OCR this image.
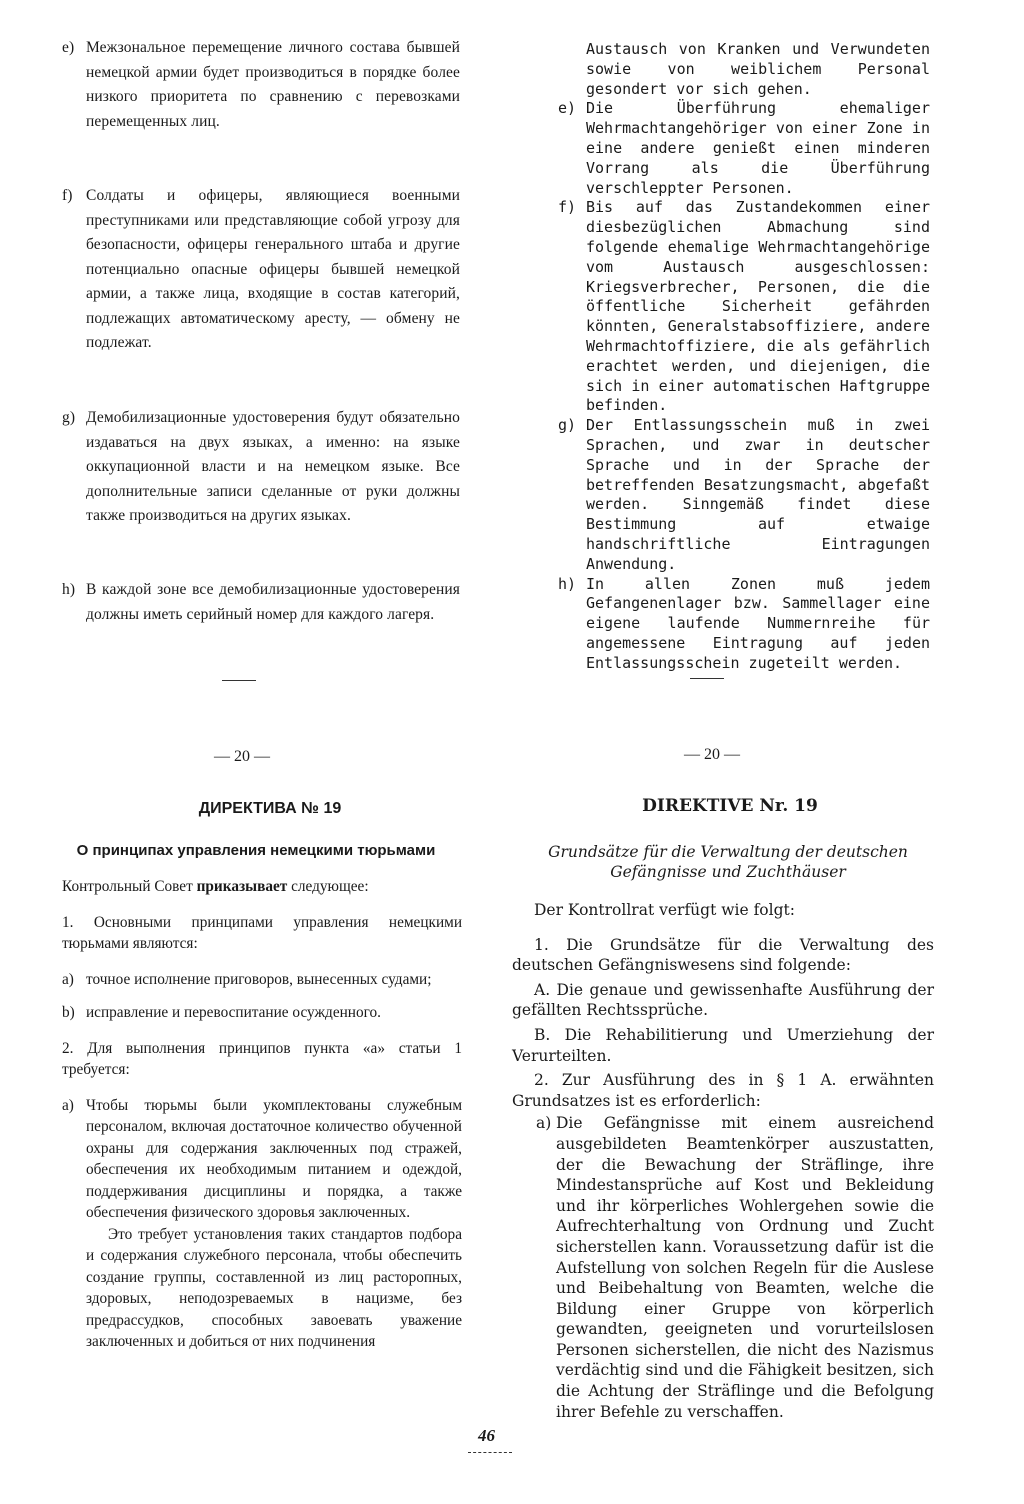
e) Межзональное перемещение личного состава бывшей немецкой армии будет производиться в порядке более низкого приоритета по сравнению с перевозками перемещенных лиц.
f) Солдаты и офицеры, являющиеся военными преступниками или представляющие собой угрозу для безопасности, офицеры генерального штаба и другие потенциально опасные офицеры бывшей немецкой армии, а также лица, входящие в состав категорий, подлежащих автоматическому аресту, — обмену не подлежат.
g) Демобилизационные удостоверения будут обязательно издаваться на двух языках, а именно: на языке оккупационной власти и на немецком языке. Все дополнительные записи сделанные от руки должны также производиться на других языках.
h) В каждой зоне все демобилизационные удостоверения должны иметь серийный номер для каждого лагеря.

Austausch von Kranken und Verwundeten sowie von weiblichem Personal gesondert vor sich gehen.

e) Die Überführung ehemaliger Wehrmachtangehöriger von einer Zone in eine andere genießt einen minderen Vorrang als die Überführung verschleppter Personen.
f) Bis auf das Zustandekommen einer diesbezüglichen Abmachung sind folgende ehemalige Wehrmachtangehörige vom Austausch ausgeschlossen: Kriegsverbrecher, Personen, die die öffentliche Sicherheit gefährden könnten, Generalstabsoffiziere, andere Wehrmachtoffiziere, die als gefährlich erachtet werden, und diejenigen, die sich in einer automatischen Haftgruppe befinden.
g) Der Entlassungsschein muß in zwei Sprachen, und zwar in deutscher Sprache und in der Sprache der betreffenden Besatzungsmacht, abgefaßt werden. Sinngemäß findet diese Bestimmung auf etwaige handschriftliche Eintragungen Anwendung.
h) In allen Zonen muß jedem Gefangenenlager bzw. Sammellager eine eigene laufende Nummernreihe für angemessene Eintragung auf jeden Entlassungsschein zugeteilt werden.
— 20 —	— 20 —
ДИРЕКТИВА № 19
О принципах управления немецкими тюрьмами

Контрольный Совет приказывает следующее:

1. Основными принципами управления немецкими тюрьмами являются:

a) точное исполнение приговоров, вынесенных судами;
b) исправление и перевоспитание осужденного.

2. Для выполнения принципов пункта «а» статьи 1 требуется:

a) Чтобы тюрьмы были укомплектованы служебным персоналом, включая достаточное количество обученной охраны для содержания заключенных под стражей, обеспечения их необходимым питанием и одеждой, поддерживания дисциплины и порядка, а также обеспечения физического здоровья заключенных.

Это требует установления таких стандартов подбора и содержания служебного персонала, чтобы обеспечить создание группы, составленной из лиц расторопных, здоровых, неподозреваемых в нацизме, без предрассудков, способных завоевать уважение заключенных и добиться от них подчинения

DIREKTIVE Nr. 19
Grundsätze für die Verwaltung der deutschen
Gefängnisse und Zuchthäuser

Der Kontrollrat verfügt wie folgt:

1. Die Grundsätze für die Verwaltung des deutschen Gefängniswesens sind folgende:

A. Die genaue und gewissenhafte Ausführung der gefällten Rechtssprüche.

B. Die Rehabilitierung und Umerziehung der Verurteilten.

2. Zur Ausführung des in § 1 A. erwähnten Grundsatzes ist es erforderlich:

a) Die Gefängnisse mit einem ausreichend ausgebildeten Beamtenkörper auszustatten, der die Bewachung der Sträflinge, ihre Mindestansprüche auf Kost und Bekleidung und ihr körperliches Wohlergehen sowie die Aufrechterhaltung von Ordnung und Zucht sicherstellen kann. Voraussetzung dafür ist die Aufstellung von solchen Regeln für die Auslese und Beibehaltung von Beamten, welche die Bildung einer Gruppe von körperlich gewandten, geeigneten und vorurteilslosen Personen sicherstellen, die nicht des Nazismus verdächtig sind und die Fähigkeit besitzen, sich die Achtung der Sträflinge und die Befolgung ihrer Befehle zu verschaffen.
46
